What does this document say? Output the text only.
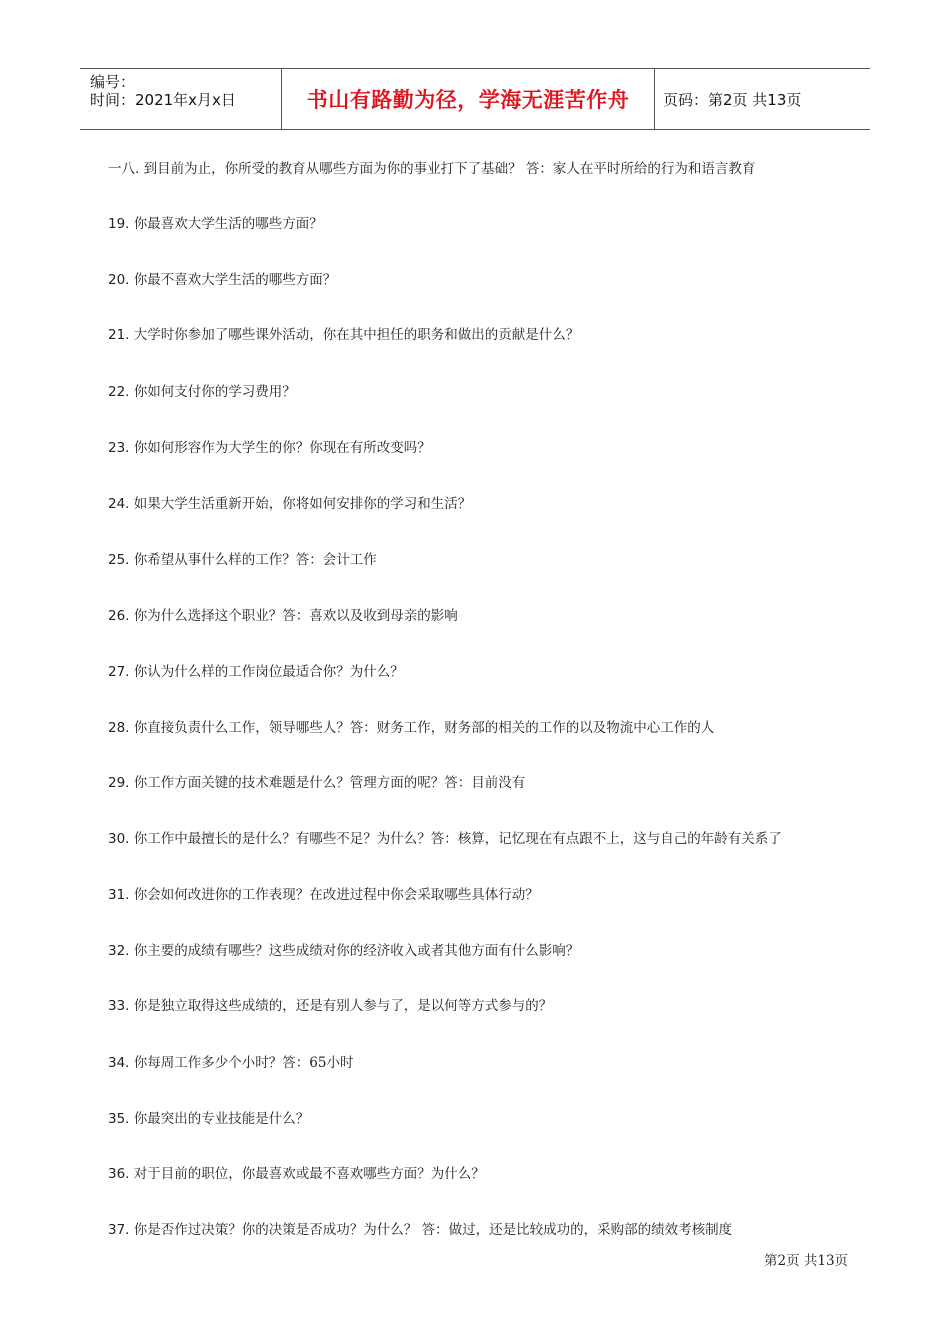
编号：
时间：2021年x月x日	书山有路勤为径，学海无涯苦作舟 页码：第2页 共13页
一八. 到目前为止，你所受的教育从哪些方面为你的事业打下了基础？ 答：家人在平时所给的行为和语言教育
19. 你最喜欢大学生活的哪些方面？
20. 你最不喜欢大学生活的哪些方面？
21. 大学时你参加了哪些课外活动，你在其中担任的职务和做出的贡献是什么？
22. 你如何支付你的学习费用？
23. 你如何形容作为大学生的你？你现在有所改变吗？
24. 如果大学生活重新开始，你将如何安排你的学习和生活？
25. 你希望从事什么样的工作？答：会计工作
26. 你为什么选择这个职业？答：喜欢以及收到母亲的影响
27. 你认为什么样的工作岗位最适合你？为什么？
28. 你直接负责什么工作，领导哪些人？答：财务工作，财务部的相关的工作的以及物流中心工作的人
29. 你工作方面关键的技术难题是什么？管理方面的呢？答：目前没有
30. 你工作中最擅长的是什么？有哪些不足？为什么？答：核算，记忆现在有点跟不上，这与自己的年龄有关系了
31. 你会如何改进你的工作表现？在改进过程中你会采取哪些具体行动？
32. 你主要的成绩有哪些？这些成绩对你的经济收入或者其他方面有什么影响？
33. 你是独立取得这些成绩的，还是有别人参与了，是以何等方式参与的？
34. 你每周工作多少个小时？答：65小时
35. 你最突出的专业技能是什么？
36. 对于目前的职位，你最喜欢或最不喜欢哪些方面？为什么？
37. 你是否作过决策？你的决策是否成功？为什么？ 答：做过，还是比较成功的，采购部的绩效考核制度
第2页 共13页
